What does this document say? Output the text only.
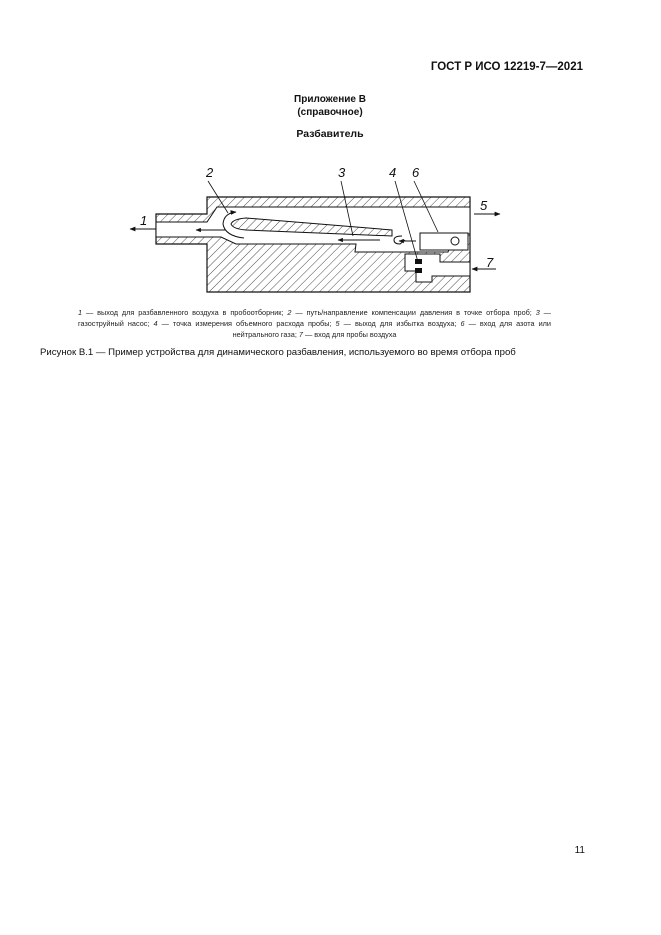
ГОСТ Р ИСО 12219-7—2021
Приложение В
(справочное)
Разбавитель
1
2	3	4 6
5
7
1 — выход для разбавленного воздуха в пробоотборник; 2 — путь/направление компенсации давления в точке отбора проб; 3 — газоструйный насос; 4 — точка измерения объемного расхода пробы; 5 — выход для избытка воздуха; 6 — вход для азота или нейтрального газа; 7 — вход для пробы воздуха
Рисунок В.1 — Пример устройства для динамического разбавления, используемого во время отбора проб
11
